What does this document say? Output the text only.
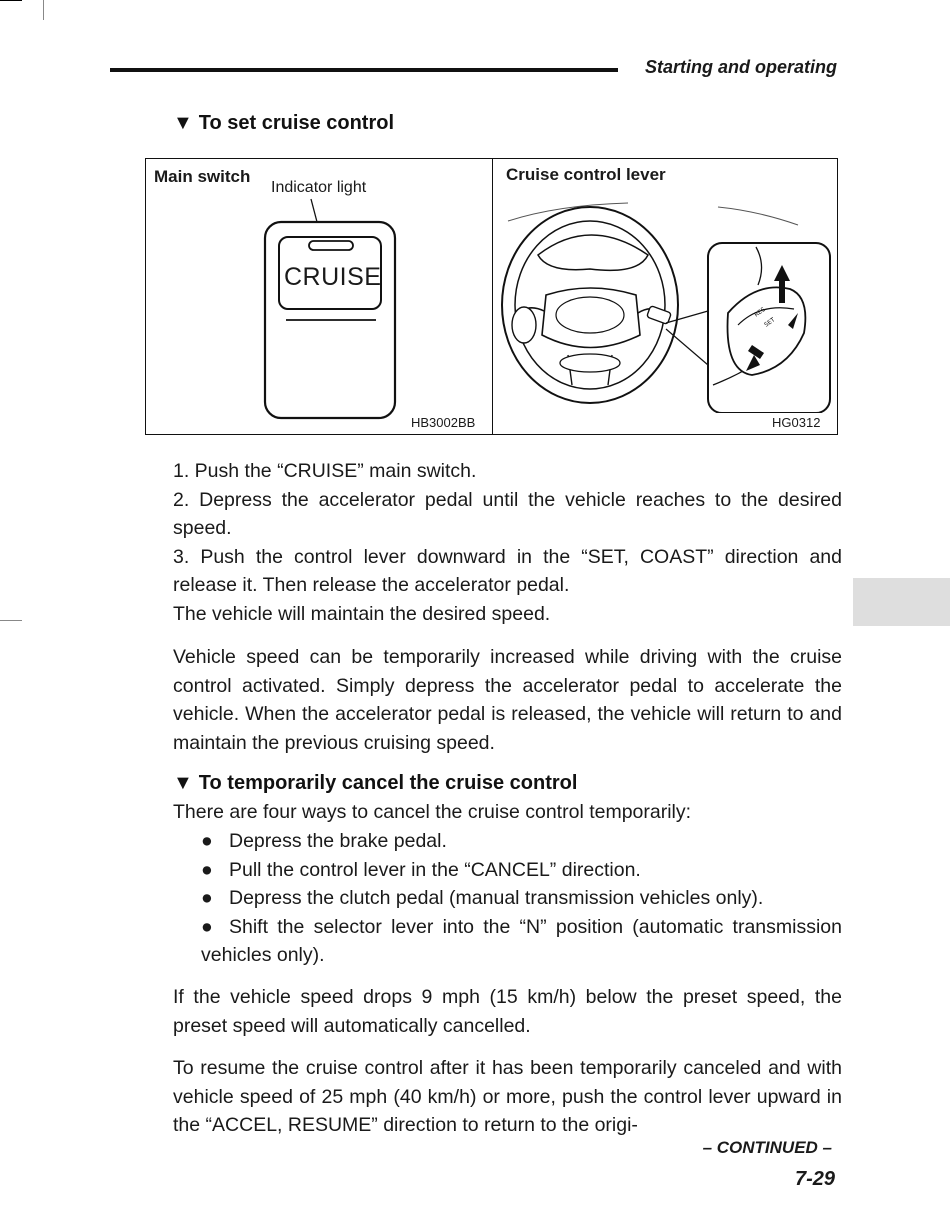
Starting and operating
▼ To set cruise control
Main switch	Cruise control lever
HB3002BB	HG0312
Indicator light
CRUISE
RES
SET

1. Push the “CRUISE” main switch.

2. Depress the accelerator pedal until the vehicle reaches to the desired speed.

3. Push the control lever downward in the “SET, COAST” direction and release it. Then release the accelerator pedal.

The vehicle will maintain the desired speed.

Vehicle speed can be temporarily increased while driving with the cruise control activated. Simply depress the accelerator pedal to accelerate the vehicle. When the accelerator pedal is released, the vehicle will return to and maintain the previous cruising speed.
▼ To temporarily cancel the cruise control
There are four ways to cancel the cruise control temporarily:

● Depress the brake pedal.

● Pull the control lever in the “CANCEL” direction.

● Depress the clutch pedal (manual transmission vehicles only).

● Shift the selector lever into the “N” position (automatic transmission vehicles only).

If the vehicle speed drops 9 mph (15 km/h) below the preset speed, the preset speed will automatically cancelled.
To resume the cruise control after it has been temporarily canceled and with vehicle speed of 25 mph (40 km/h) or more, push the control lever upward in the “ACCEL, RESUME” direction to return to the origi-
– CONTINUED –
7-29
